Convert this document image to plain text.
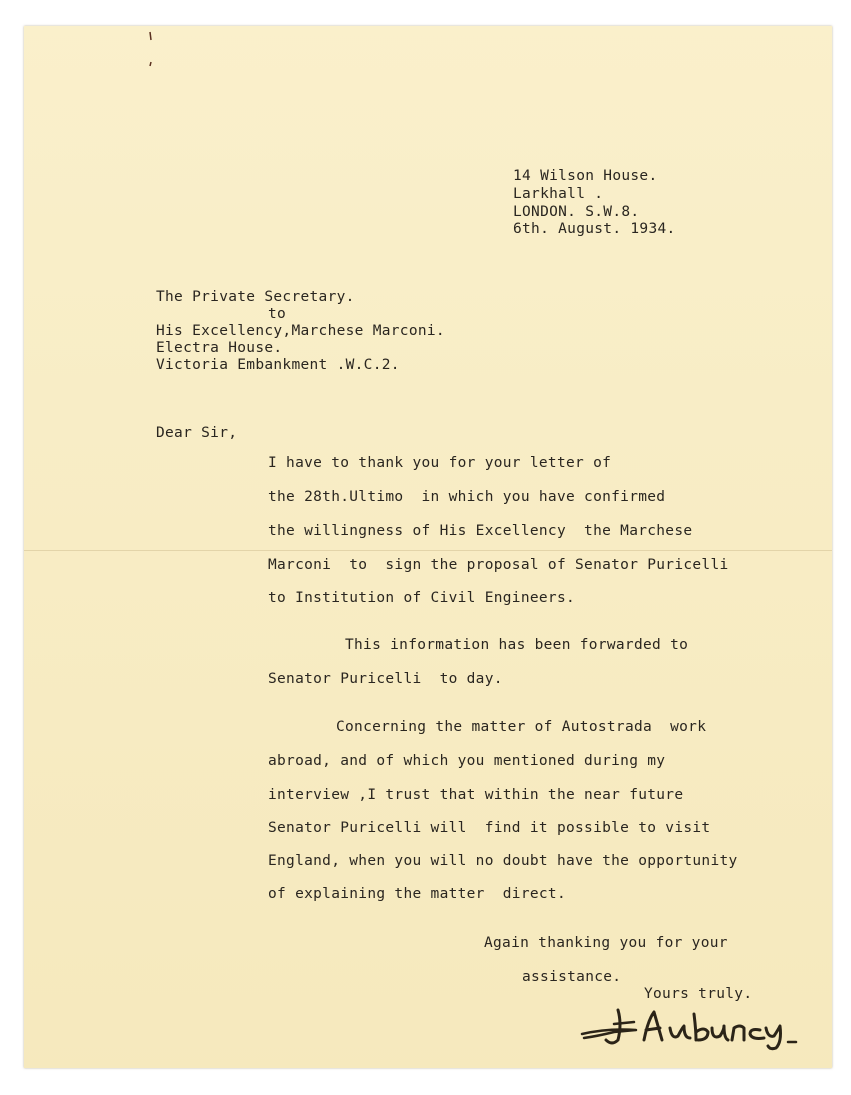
14 Wilson House.

Larkhall .

LONDON. S.W.8.

6th. August. 1934.

The Private Secretary.

to

His Excellency,Marchese Marconi.

Electra House.

Victoria Embankment .W.C.2.

Dear Sir,

I have to thank you for your letter of

the 28th.Ultimo  in which you have confirmed

the willingness of His Excellency  the Marchese

Marconi  to  sign the proposal of Senator Puricelli

to Institution of Civil Engineers.

This information has been forwarded to

Senator Puricelli  to day.

Concerning the matter of Autostrada  work

abroad, and of which you mentioned during my

interview ,I trust that within the near future

Senator Puricelli will  find it possible to visit

England, when you will no doubt have the opportunity

of explaining the matter  direct.

Again thanking you for your

assistance.

Yours truly.
